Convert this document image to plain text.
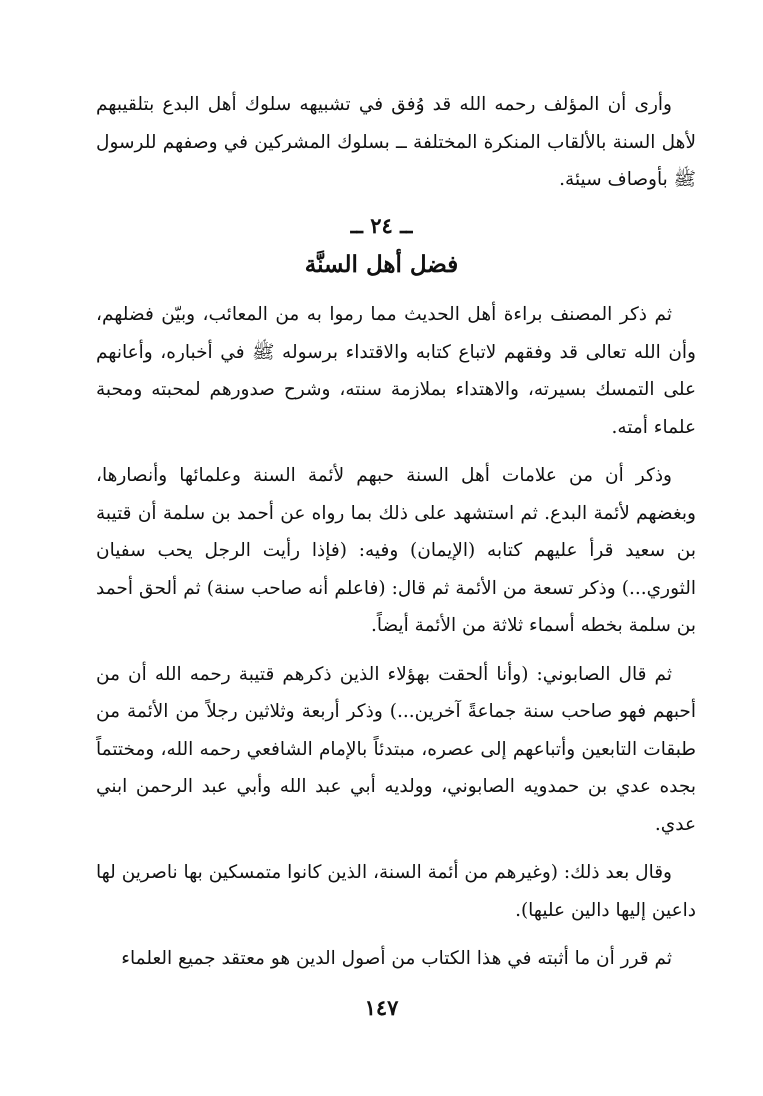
وأرى أن المؤلف رحمه الله قد وُفق في تشبيهه سلوك أهل البدع بتلقيبهم لأهل السنة بالألقاب المنكرة المختلفة ــ بسلوك المشركين في وصفهم للرسول ﷺ بأوصاف سيئة.

ــ ٢٤ ــ
فضل أهل السنَّة

ثم ذكر المصنف براءة أهل الحديث مما رموا به من المعائب، وبيّن فضلهم، وأن الله تعالى قد وفقهم لاتباع كتابه والاقتداء برسوله ﷺ في أخباره، وأعانهم على التمسك بسيرته، والاهتداء بملازمة سنته، وشرح صدورهم لمحبته ومحبة علماء أمته.

وذكر أن من علامات أهل السنة حبهم لأئمة السنة وعلمائها وأنصارها، وبغضهم لأئمة البدع. ثم استشهد على ذلك بما رواه عن أحمد بن سلمة أن قتيبة بن سعيد قرأ عليهم كتابه (الإيمان) وفيه: (فإذا رأيت الرجل يحب سفيان الثوري...) وذكر تسعة من الأئمة ثم قال: (فاعلم أنه صاحب سنة) ثم ألحق أحمد بن سلمة بخطه أسماء ثلاثة من الأئمة أيضاً.

ثم قال الصابوني: (وأنا ألحقت بهؤلاء الذين ذكرهم قتيبة رحمه الله أن من أحبهم فهو صاحب سنة جماعةً آخرين...) وذكر أربعة وثلاثين رجلاً من الأئمة من طبقات التابعين وأتباعهم إلى عصره، مبتدئاً بالإمام الشافعي رحمه الله، ومختتماً بجده عدي بن حمدويه الصابوني، وولديه أبي عبد الله وأبي عبد الرحمن ابني عدي.

وقال بعد ذلك: (وغيرهم من أئمة السنة، الذين كانوا متمسكين بها ناصرين لها داعين إليها دالين عليها).

ثم قرر أن ما أثبته في هذا الكتاب من أصول الدين هو معتقد جميع العلماء

١٤٧
